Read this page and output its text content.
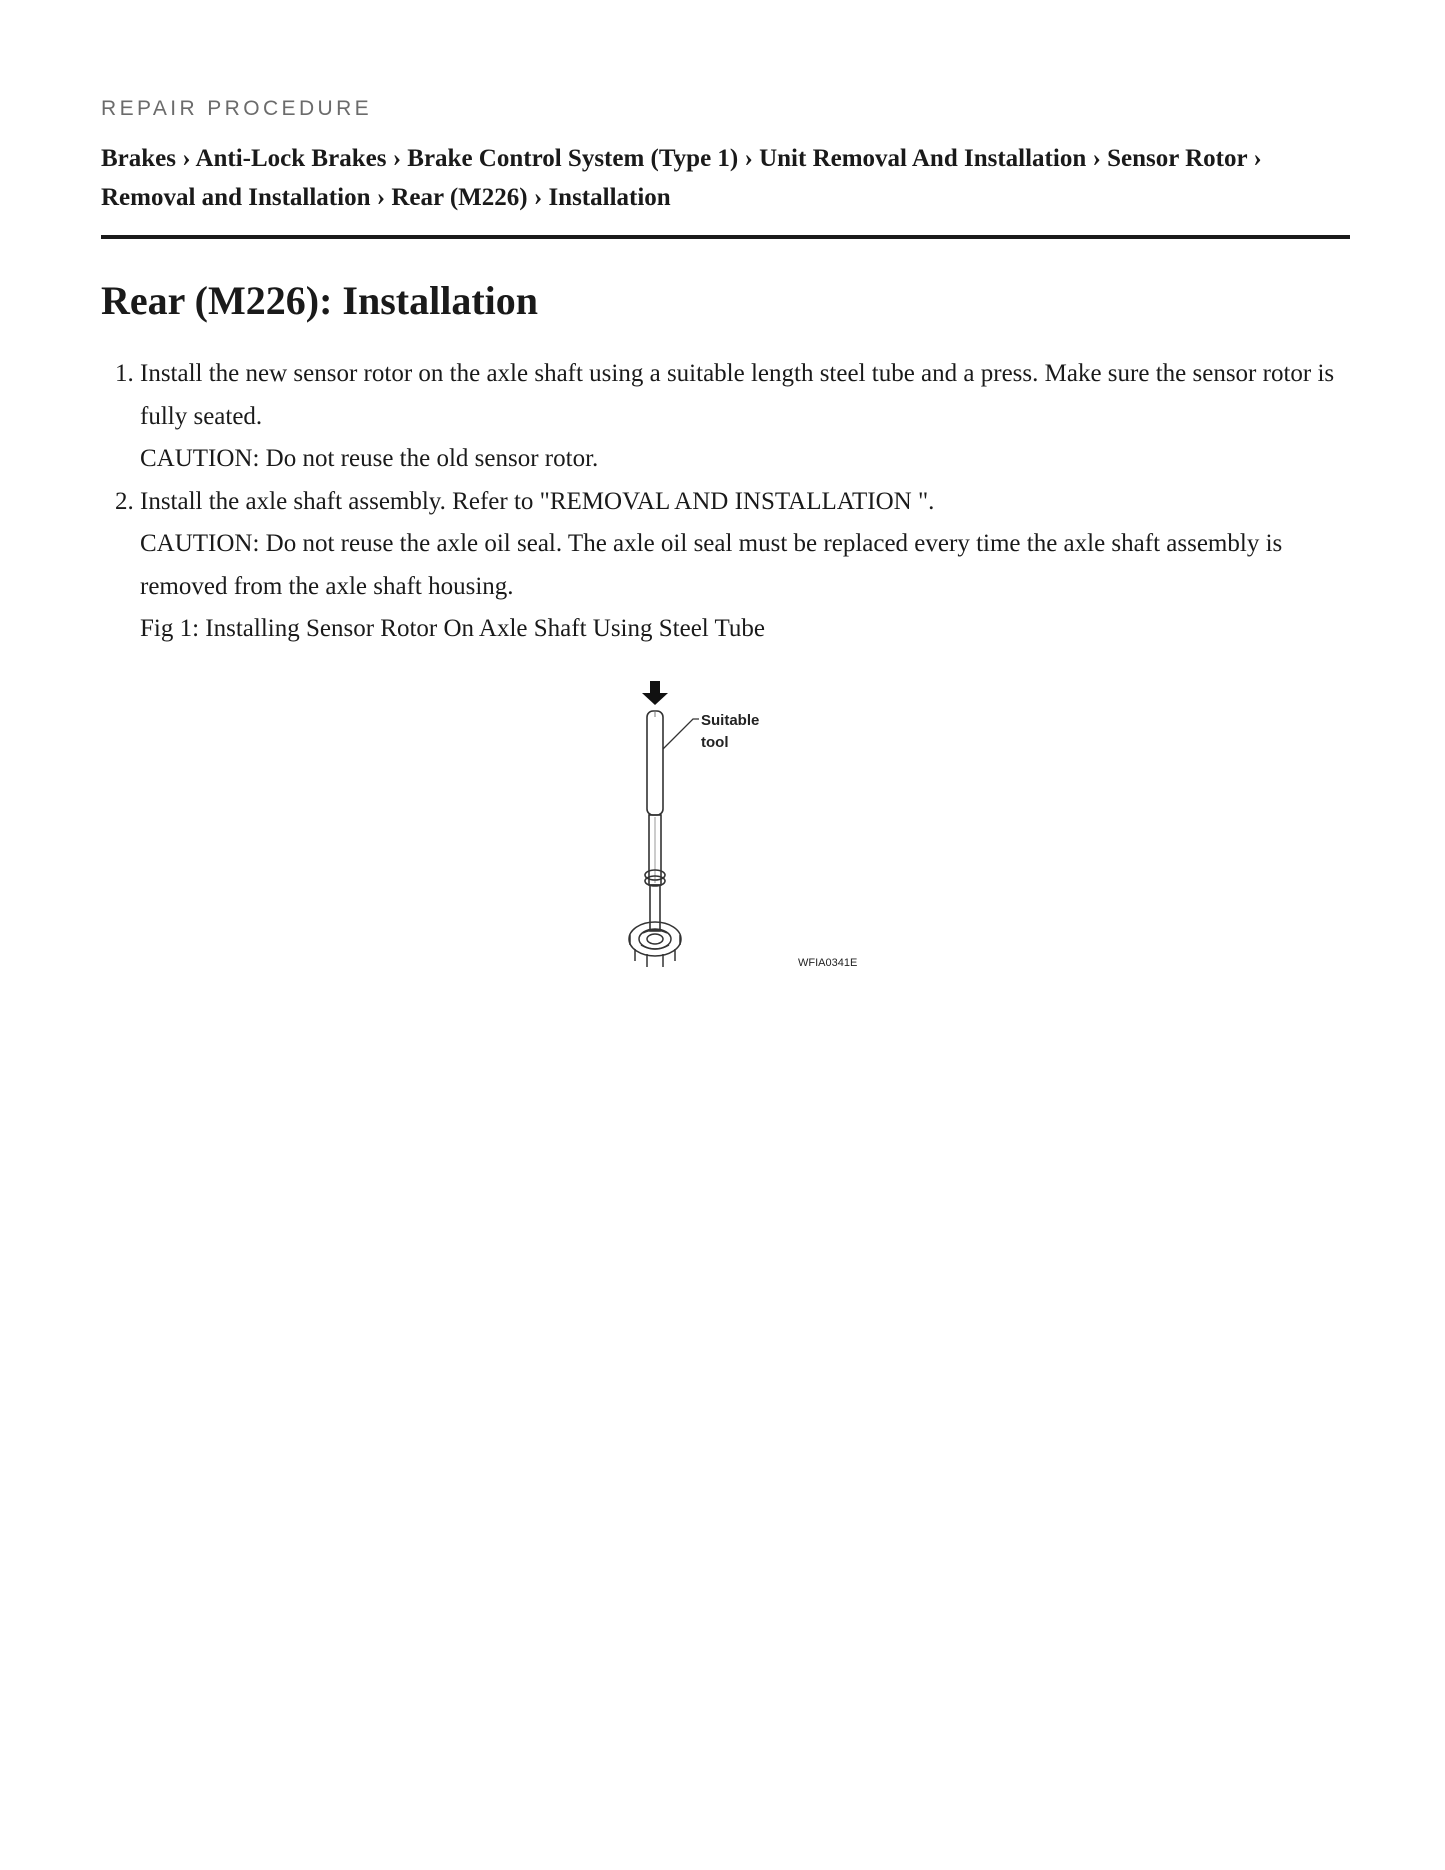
REPAIR PROCEDURE
Brakes › Anti-Lock Brakes › Brake Control System (Type 1) › Unit Removal And Installation › Sensor Rotor › Removal and Installation › Rear (M226) › Installation
Rear (M226): Installation
1. Install the new sensor rotor on the axle shaft using a suitable length steel tube and a press. Make sure the sensor rotor is fully seated.
CAUTION: Do not reuse the old sensor rotor.
2. Install the axle shaft assembly. Refer to "REMOVAL AND INSTALLATION ".
CAUTION: Do not reuse the axle oil seal. The axle oil seal must be replaced every time the axle shaft assembly is removed from the axle shaft housing.
Fig 1: Installing Sensor Rotor On Axle Shaft Using Steel Tube
Suitable
tool
WFIA0341E
